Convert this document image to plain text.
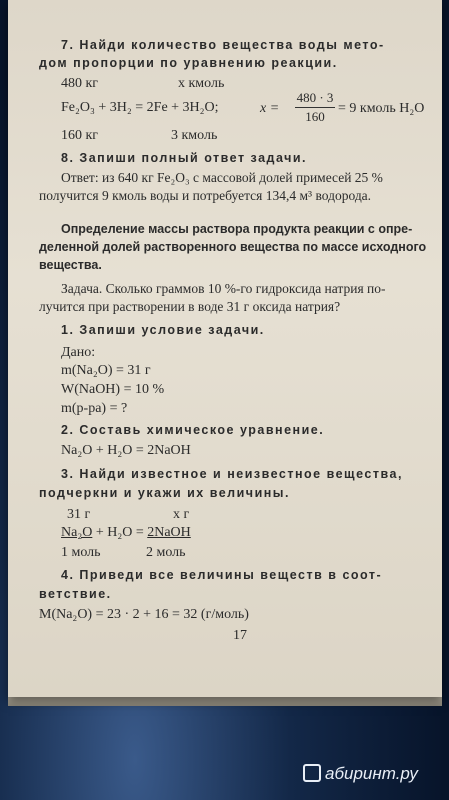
7. Найди количество вещества воды мето-
дом пропорции по уравнению реакции.
480 кг	x кмоль
Fe₂O₃ + 3H₂ = 2Fe + 3H₂O;	x =
480 · 3
160
= 9 кмоль H₂O
160 кг	3 кмоль
8. Запиши полный ответ задачи.
Ответ: из 640 кг Fe₂O₃ с массовой долей примесей 25 %
получится 9 кмоль воды и потребуется 134,4 м³ водорода.
Определение массы раствора продукта реакции с опре-
деленной долей растворенного вещества по массе исходного
вещества.
Задача. Сколько граммов 10 %-го гидроксида натрия по-
лучится при растворении в воде 31 г оксида натрия?
1. Запиши условие задачи.
Дано:
m(Na₂O) = 31 г
W(NaOH) = 10 %
m(р-ра) = ?
2. Составь химическое уравнение.
Na₂O + H₂O = 2NaOH
3. Найди известное и неизвестное вещества,
подчеркни и укажи их величины.
31 г	x г
Na₂O + H₂O = 2NaOH
1 моль	2 моль
4. Приведи все величины веществ в соот-
ветствие.
M(Na₂O) = 23 · 2 + 16 = 32 (г/моль)
17
абиринт.ру
